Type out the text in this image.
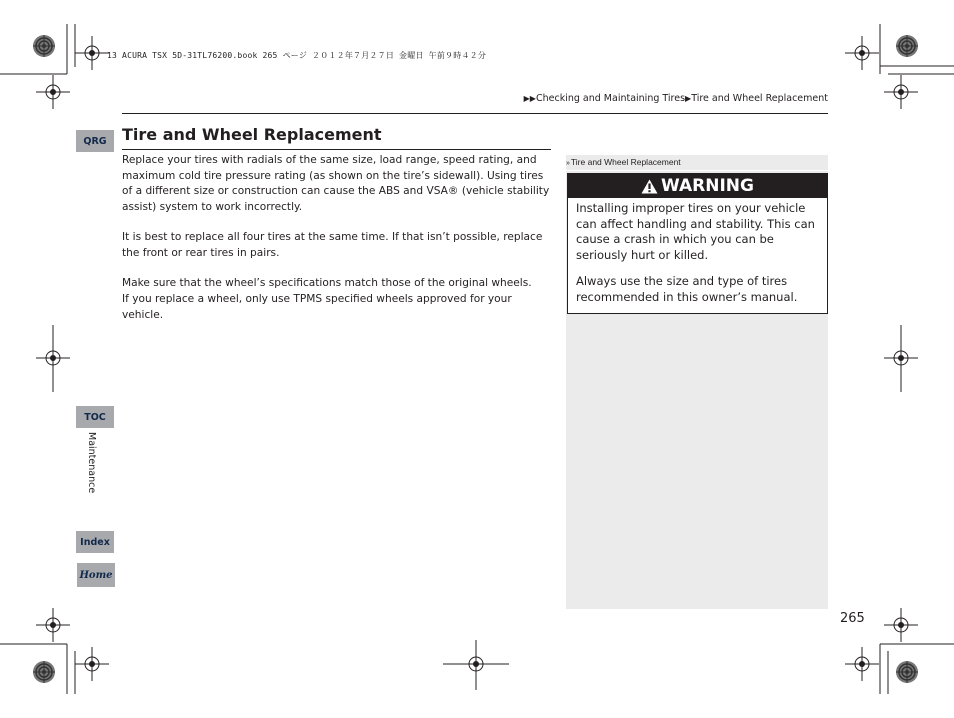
13 ACURA TSX 5D-31TL76200.book 265 ページ ２０１２年７月２７日 金曜日 午前９時４２分
▶▶Checking and Maintaining Tires▶Tire and Wheel Replacement
Tire and Wheel Replacement
Replace your tires with radials of the same size, load range, speed rating, and maximum cold tire pressure rating (as shown on the tire’s sidewall). Using tires of a different size or construction can cause the ABS and VSA® (vehicle stability assist) system to work incorrectly.
It is best to replace all four tires at the same time. If that isn’t possible, replace the front or rear tires in pairs.
Make sure that the wheel’s specifications match those of the original wheels.
If you replace a wheel, only use TPMS specified wheels approved for your vehicle.
»Tire and Wheel Replacement
WARNING
Installing improper tires on your vehicle can affect handling and stability. This can cause a crash in which you can be seriously hurt or killed.
Always use the size and type of tires recommended in this owner’s manual.
QRG
TOC
Maintenance
Index
Home
265
